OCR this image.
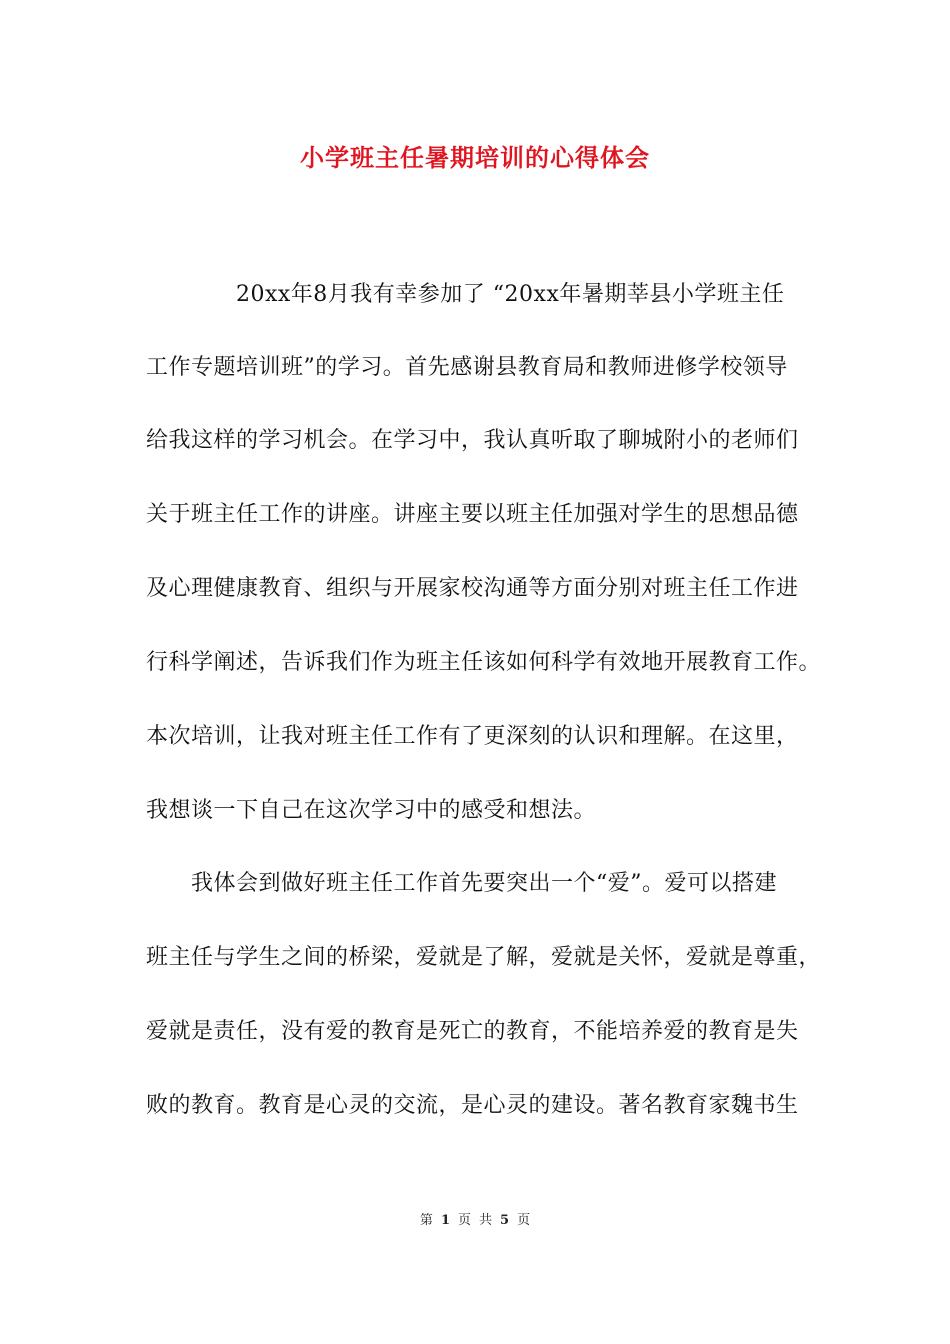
小学班主任暑期培训的心得体会
　　　　20xx年8月我有幸参加了 “20xx年暑期莘县小学班主任
工作专题培训班”的学习。首先感谢县教育局和教师进修学校领导
给我这样的学习机会。在学习中，我认真听取了聊城附小的老师们
关于班主任工作的讲座。讲座主要以班主任加强对学生的思想品德
及心理健康教育、组织与开展家校沟通等方面分别对班主任工作进
行科学阐述，告诉我们作为班主任该如何科学有效地开展教育工作。
本次培训，让我对班主任工作有了更深刻的认识和理解。在这里，
我想谈一下自己在这次学习中的感受和想法。
　　我体会到做好班主任工作首先要突出一个“爱”。爱可以搭建
班主任与学生之间的桥梁，爱就是了解，爱就是关怀，爱就是尊重，
爱就是责任，没有爱的教育是死亡的教育，不能培养爱的教育是失
败的教育。教育是心灵的交流，是心灵的建设。著名教育家魏书生
第 1 页 共 5 页
